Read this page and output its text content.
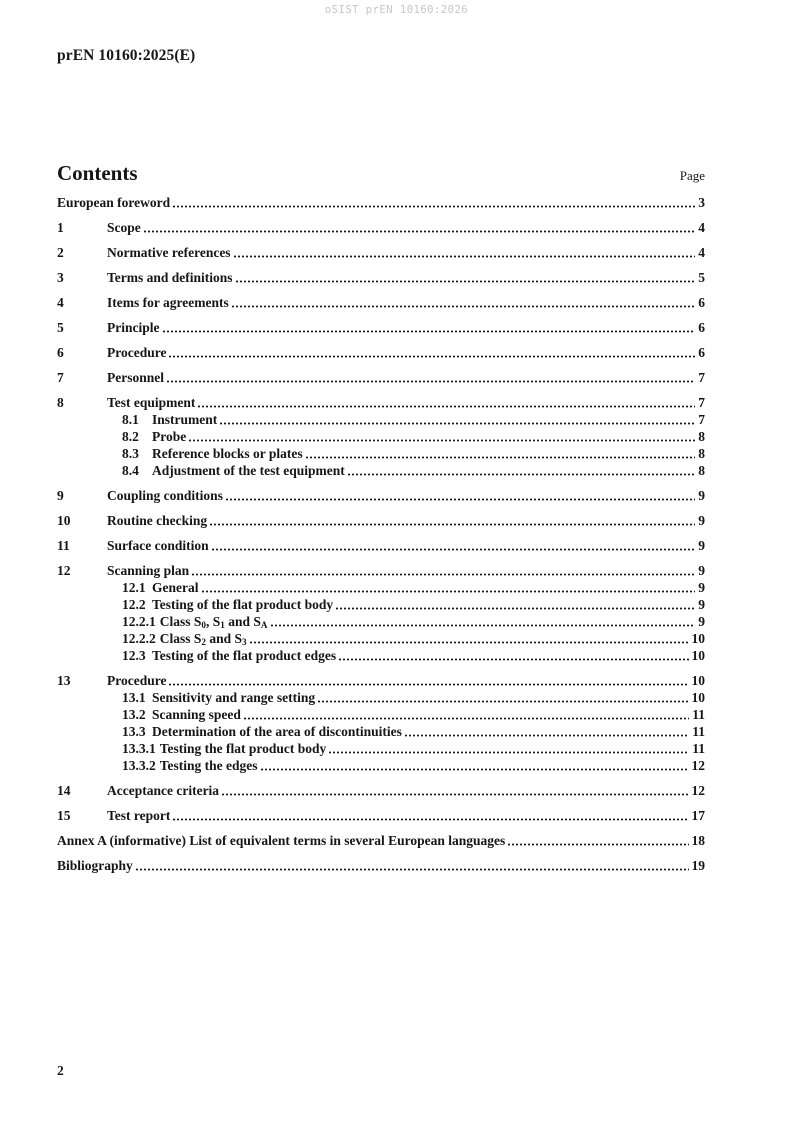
oSIST prEN 10160:2026
prEN 10160:2025(E)
Contents	Page
European foreword	3
1	Scope	4
2	Normative references	4
3	Terms and definitions	5
4	Items for agreements	6
5	Principle	6
6	Procedure	6
7	Personnel	7
8	Test equipment	7
8.1 Instrument	7
8.2 Probe	8
8.3 Reference blocks or plates	8
8.4 Adjustment of the test equipment	8
9	Coupling conditions	9
10	Routine checking	9
11	Surface condition	9
12	Scanning plan	9
12.1 General	9
12.2 Testing of the flat product body	9
12.2.1 Class $S_0$, $S_1$ and $S_A$	9
12.2.2 Class $S_2$ and $S_3$	10
12.3 Testing of the flat product edges	10
13	Procedure	10
13.1 Sensitivity and range setting	10
13.2 Scanning speed	11
13.3 Determination of the area of discontinuities	11
13.3.1 Testing the flat product body	11
13.3.2 Testing the edges	12
14	Acceptance criteria	12
15	Test report	17
Annex A (informative) List of equivalent terms in several European languages	18
Bibliography	19
2
